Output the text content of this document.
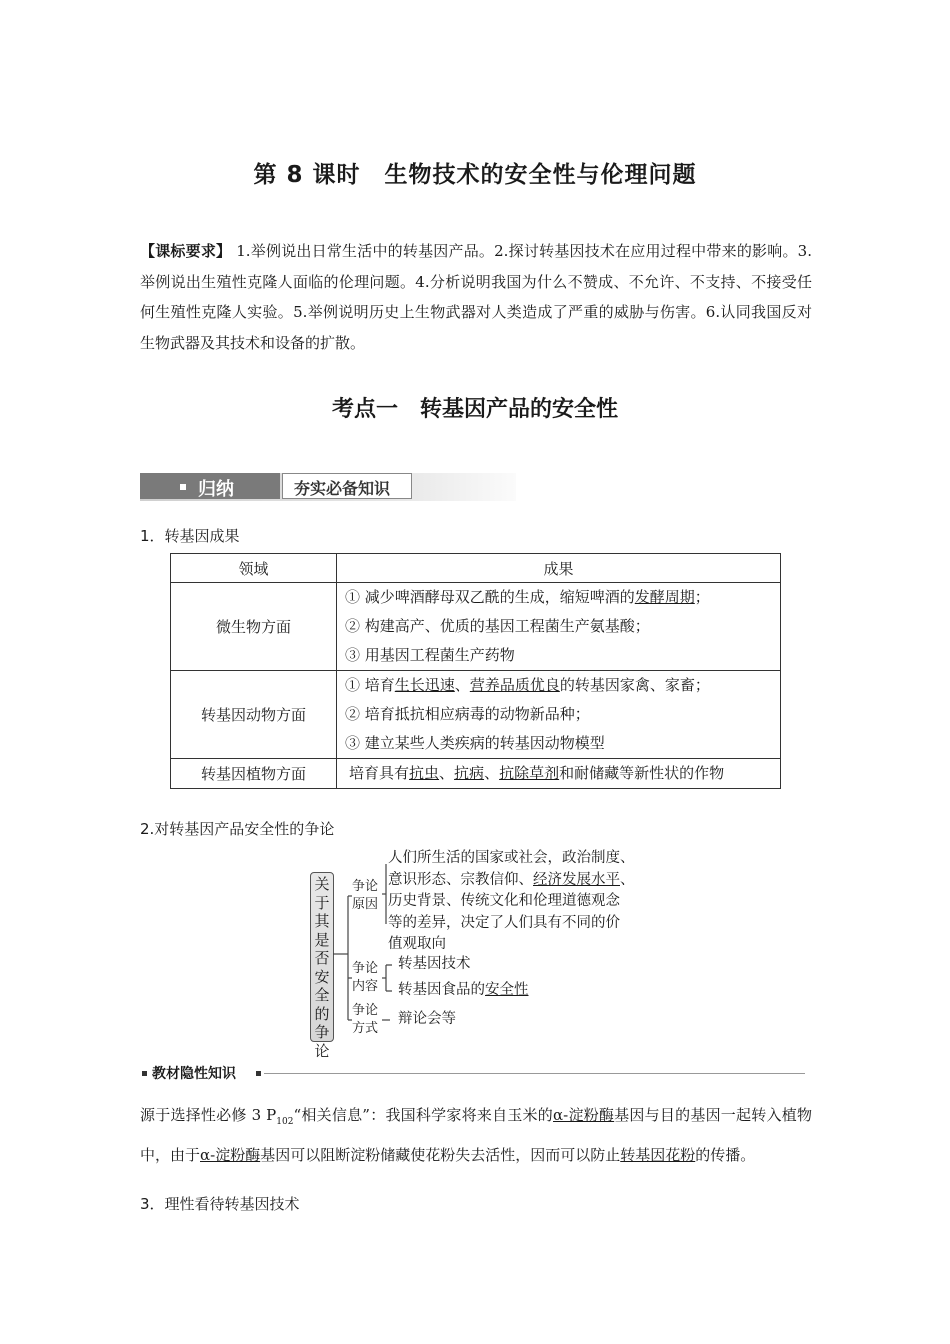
第 8 课时　生物技术的安全性与伦理问题
【课标要求】 1.举例说出日常生活中的转基因产品。2.探讨转基因技术在应用过程中带来的影响。3.举例说出生殖性克隆人面临的伦理问题。4.分析说明我国为什么不赞成、不允许、不支持、不接受任何生殖性克隆人实验。5.举例说明历史上生物武器对人类造成了严重的威胁与伤害。6.认同我国反对生物武器及其技术和设备的扩散。
考点一　转基因产品的安全性
归纳	夯实必备知识
1．转基因成果
领域	成果
微生物方面	① 减少啤酒酵母双乙酰的生成，缩短啤酒的发酵周期；
② 构建高产、优质的基因工程菌生产氨基酸；
③ 用基因工程菌生产药物

转基因动物方面	① 培育生长迅速、营养品质优良的转基因家禽、家畜；
② 培育抵抗相应病毒的动物新品种；
③ 建立某些人类疾病的转基因动物模型

转基因植物方面	培育具有抗虫、抗病、抗除草剂和耐储藏等新性状的作物
2.对转基因产品安全性的争论
关
于
其
是
否
安
全
的
争
论
争论
原因
人们所生活的国家或社会，政治制度、
意识形态、宗教信仰、经济发展水平、
历史背景、传统文化和伦理道德观念
等的差异，决定了人们具有不同的价
值观取向
争论
内容
转基因技术
转基因食品的安全性
争论
方式
辩论会等
教材隐性知识
源于选择性必修 3 $P_{102}“$相关信息”：我国科学家将来自玉米的α-淀粉酶基因与目的基因一起转入植物中，由于α-淀粉酶基因可以阻断淀粉储藏使花粉失去活性，因而可以防止转基因花粉的传播。
3．理性看待转基因技术
